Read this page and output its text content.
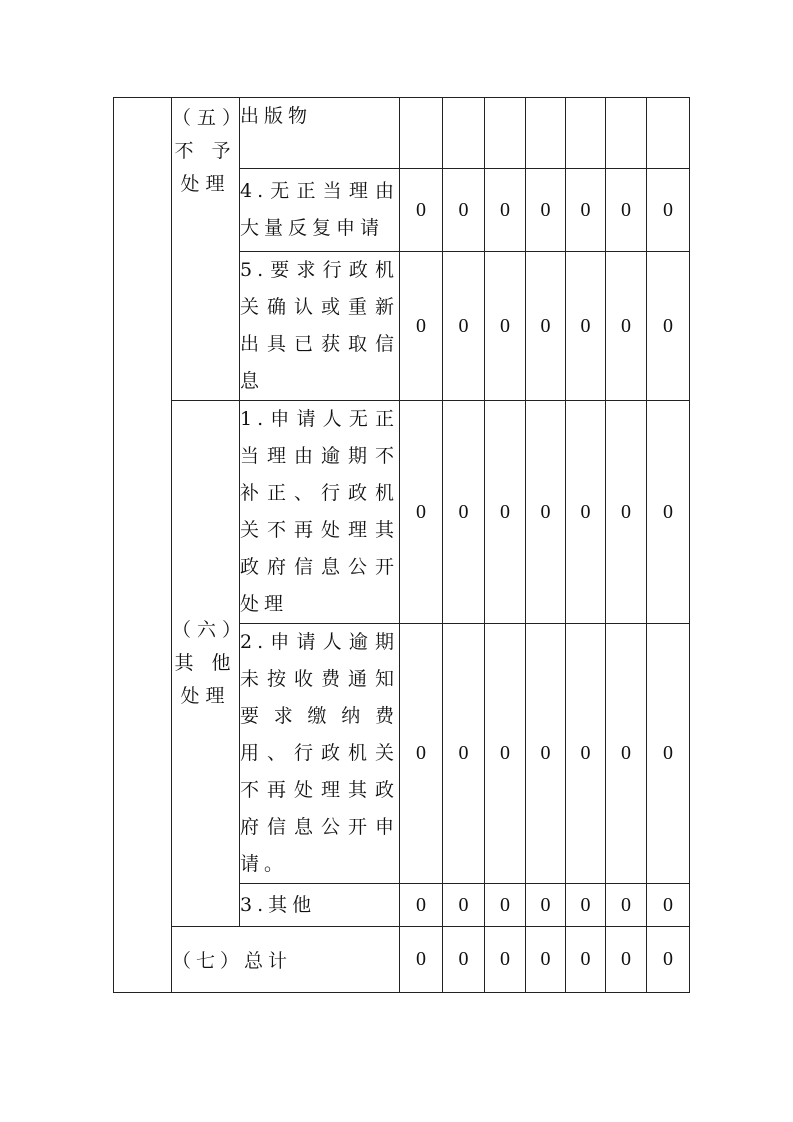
	（五）
不 予
处理	出版物							
		4.无正当理由大量反复申请	0	0	0	0	0	0	0
		5.要求行政机关确认或重新出具已获取信息	0	0	0	0	0	0	0

	（六）
其 他
处理	1.申请人无正当理由逾期不补正、行政机关不再处理其政府信息公开处理	0	0	0	0	0	0	0
		2.申请人逾期未按收费通知要求缴纳费用、行政机关不再处理其政府信息公开申请。	0	0	0	0	0	0	0
		3.其他	0	0	0	0	0	0	0
	（七）总计		0	0	0	0	0	0	0
